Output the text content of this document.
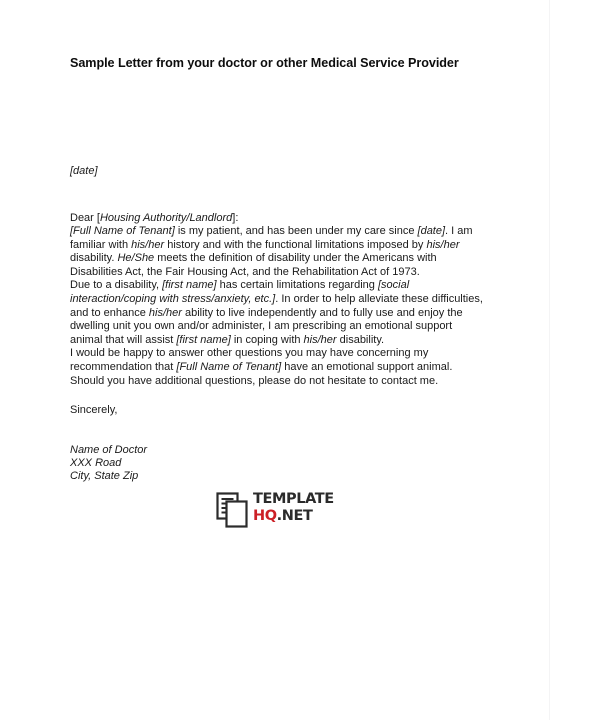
Sample Letter from your doctor or other Medical Service Provider
[date]
Dear [Housing Authority/Landlord]:

[Full Name of Tenant] is my patient, and has been under my care since [date]. I am familiar with his/her history and with the functional limitations imposed by his/her disability. He/She meets the definition of disability under the Americans with Disabilities Act, the Fair Housing Act, and the Rehabilitation Act of 1973.

Due to a disability, [first name] has certain limitations regarding [social interaction/coping with stress/anxiety, etc.]. In order to help alleviate these difficulties, and to enhance his/her ability to live independently and to fully use and enjoy the dwelling unit you own and/or administer, I am prescribing an emotional support animal that will assist [first name] in coping with his/her disability.

I would be happy to answer other questions you may have concerning my recommendation that [Full Name of Tenant] have an emotional support animal. Should you have additional questions, please do not hesitate to contact me.

Sincerely,
Name of Doctor
XXX Road
City, State Zip
TEMPLATE
HQ.NET
